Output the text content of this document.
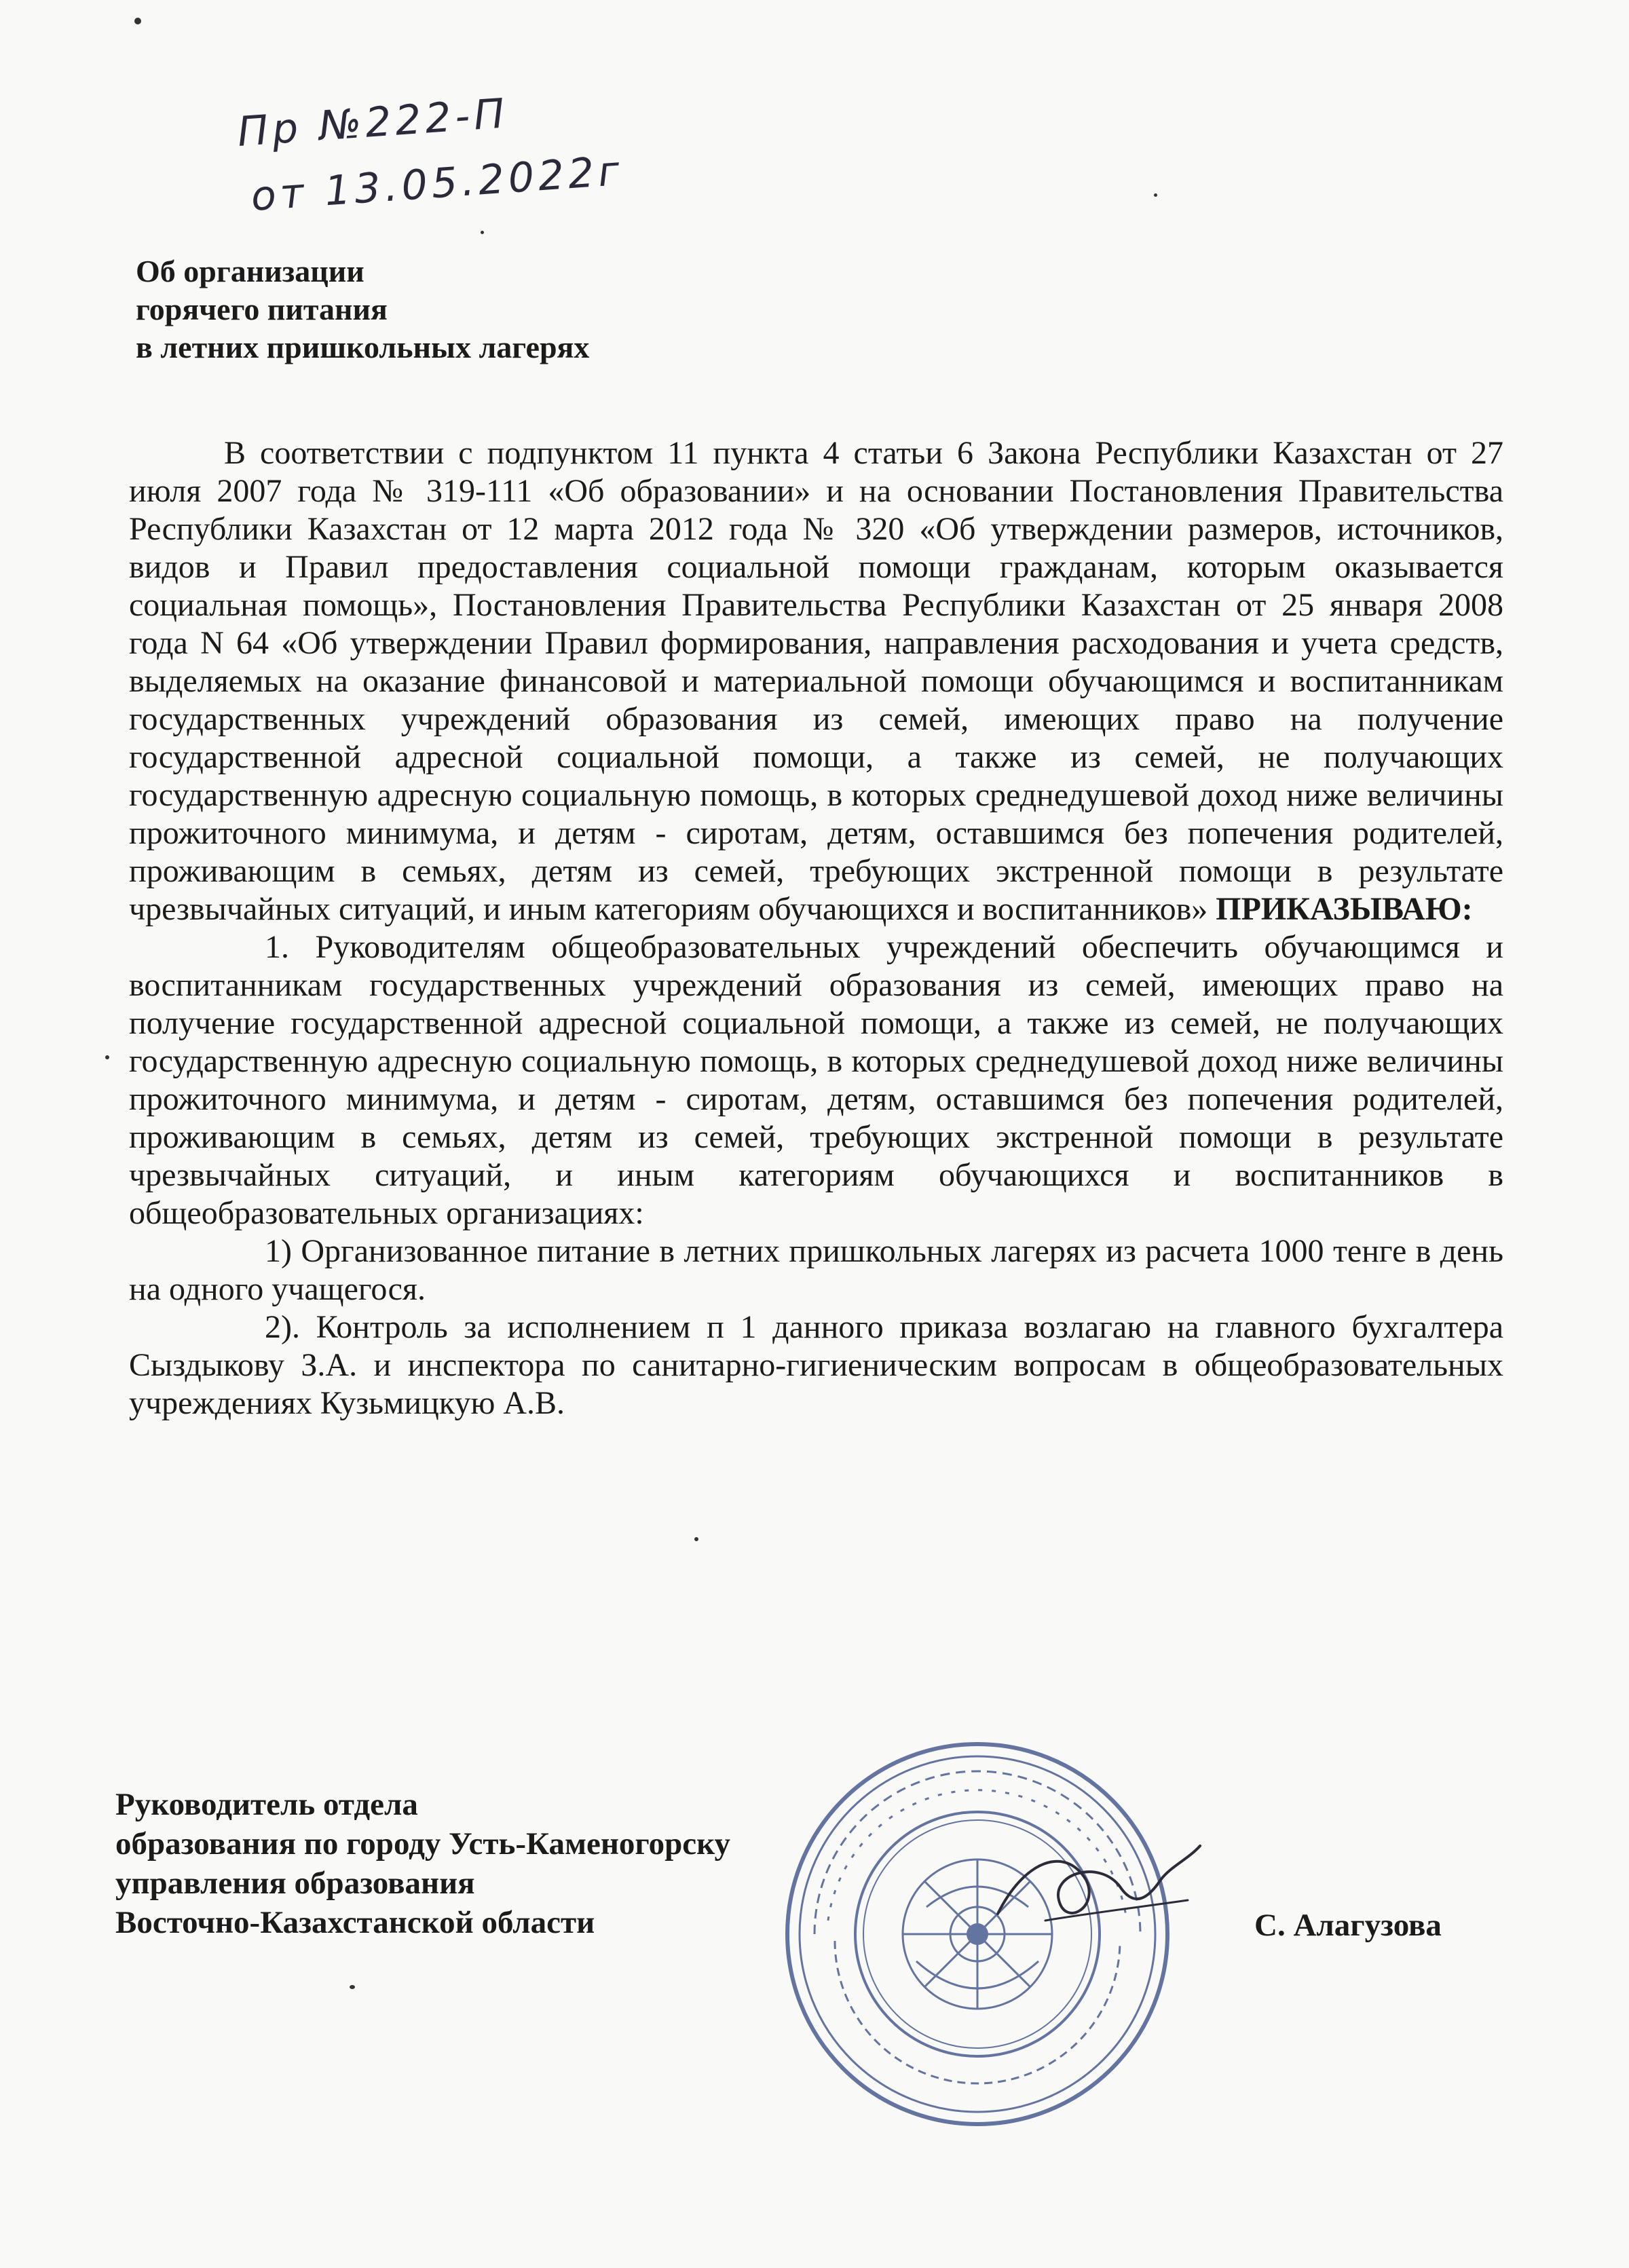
Пр №222-П
от 13.05.2022г
Об организации
горячего питания
в летних пришкольных лагерях

В соответствии с подпунктом 11 пункта 4 статьи 6 Закона Республики Казахстан от 27 июля 2007 года № 319-111 «Об образовании» и на основании Постановления Правительства Республики Казахстан от 12 марта 2012 года № 320 «Об утверждении размеров, источников, видов и Правил предоставления социальной помощи гражданам, которым оказывается социальная помощь», Постановления Правительства Республики Казахстан от 25 января 2008 года N 64 «Об утверждении Правил формирования, направления расходования и учета средств, выделяемых на оказание финансовой и материальной помощи обучающимся и воспитанникам государственных учреждений образования из семей, имеющих право на получение государственной адресной социальной помощи, а также из семей, не получающих государственную адресную социальную помощь, в которых среднедушевой доход ниже величины прожиточного минимума, и детям - сиротам, детям, оставшимся без попечения родителей, проживающим в семьях, детям из семей, требующих экстренной помощи в результате чрезвычайных ситуаций, и иным категориям обучающихся и воспитанников» ПРИКАЗЫВАЮ:

1. Руководителям общеобразовательных учреждений обеспечить обучающимся и воспитанникам государственных учреждений образования из семей, имеющих право на получение государственной адресной социальной помощи, а также из семей, не получающих государственную адресную социальную помощь, в которых среднедушевой доход ниже величины прожиточного минимума, и детям - сиротам, детям, оставшимся без попечения родителей, проживающим в семьях, детям из семей, требующих экстренной помощи в результате чрезвычайных ситуаций, и иным категориям обучающихся и воспитанников в общеобразовательных организациях:

1) Организованное питание в летних пришкольных лагерях из расчета 1000 тенге в день на одного учащегося.

2). Контроль за исполнением п 1 данного приказа возлагаю на главного бухгалтера Сыздыкову З.А. и инспектора по санитарно-гигиеническим вопросам в общеобразовательных учреждениях Кузьмицкую А.В.

Руководитель отдела
образования по городу Усть-Каменогорску
управления образования
Восточно-Казахстанской области	С. Алагузова
